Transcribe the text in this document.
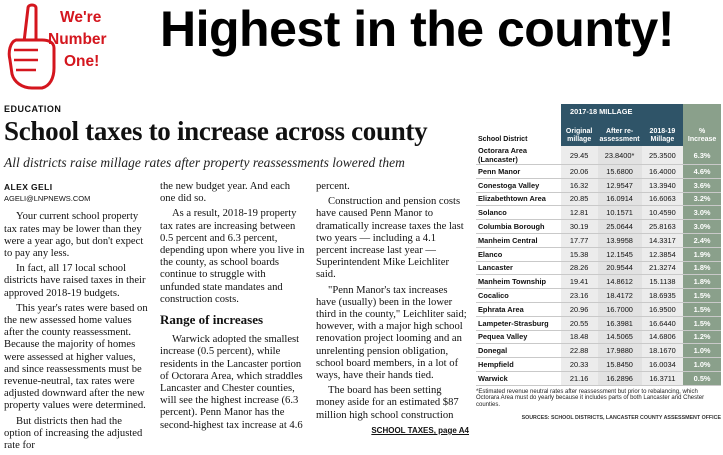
We're
Number
One!
Highest in the county!
EDUCATION
School taxes to increase across county
All districts raise millage rates after property reassessments lowered them
ALEX GELI
AGELI@LNPNEWS.COM

Your current school property tax rates may be lower than they were a year ago, but don't expect to pay any less.

In fact, all 17 local school districts have raised taxes in their approved 2018-19 budgets.

This year's rates were based on the new assessed home values after the county reassessment. Because the majority of homes were assessed at higher values, and since reassessments must be revenue-neutral, tax rates were adjusted downward after the new property values were determined.

But districts then had the option of increasing the adjusted rate for

the new budget year. And each one did so.

As a result, 2018-19 property tax rates are increasing between 0.5 percent and 6.3 percent, depending upon where you live in the county, as school boards continue to struggle with unfunded state mandates and construction costs.

Range of increases

Warwick adopted the smallest increase (0.5 percent), while residents in the Lancaster portion of Octorara Area, which straddles Lancaster and Chester counties, will see the highest increase (6.3 percent). Penn Manor has the second-highest tax increase at 4.6

percent.

Construction and pension costs have caused Penn Manor to dramatically increase taxes the last two years — including a 4.1 percent increase last year — Superintendent Mike Leichliter said.

"Penn Manor's tax increases have (usually) been in the lower third in the county," Leichliter said; however, with a major high school renovation project looming and an unrelenting pension obligation, school board members, in a lot of ways, have their hands tied.

The board has been setting money aside for an estimated $87 million high school construction

SCHOOL TAXES, page A4
	2017-18 MILLAGE			
School District	Original millage	After re-assessment	2018-19 Millage	% Increase
Octorara Area (Lancaster)	29.45	23.8400*	25.3500	6.3%
Penn Manor	20.06	15.6800	16.4000	4.6%
Conestoga Valley	16.32	12.9547	13.3940	3.6%
Elizabethtown Area	20.85	16.0914	16.6063	3.2%
Solanco	12.81	10.1571	10.4590	3.0%
Columbia Borough	30.19	25.0644	25.8163	3.0%
Manheim Central	17.77	13.9958	14.3317	2.4%
Elanco	15.38	12.1545	12.3854	1.9%
Lancaster	28.26	20.9544	21.3274	1.8%
Manheim Township	19.41	14.8612	15.1138	1.8%
Cocalico	23.16	18.4172	18.6935	1.5%
Ephrata Area	20.96	16.7000	16.9500	1.5%
Lampeter-Strasburg	20.55	16.3981	16.6440	1.5%
Pequea Valley	18.48	14.5065	14.6806	1.2%
Donegal	22.88	17.9880	18.1670	1.0%
Hempfield	20.33	15.8450	16.0034	1.0%
Warwick	21.16	16.2896	16.3711	0.5%
*Estimated revenue neutral rates after reassessment but prior to rebalancing, which Octorara Area must do yearly because it includes parts of both Lancaster and Chester counties.
SOURCES: SCHOOL DISTRICTS, LANCASTER COUNTY ASSESSMENT OFFICE
